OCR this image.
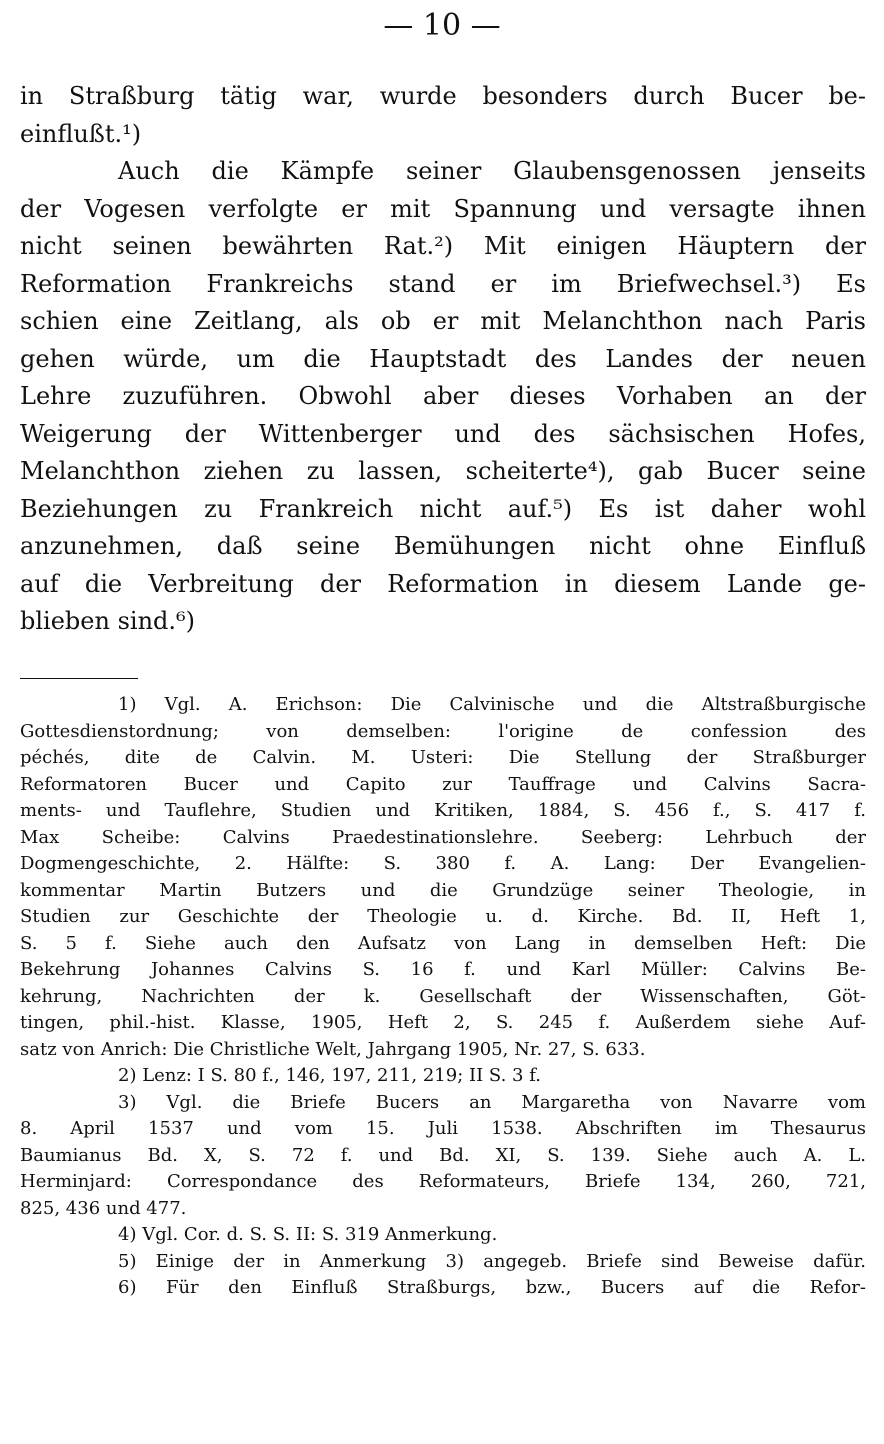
— 10 —
in Straßburg tätig war, wurde besonders durch Bucer be-
einflußt.¹)
Auch die Kämpfe seiner Glaubensgenossen jenseits
der Vogesen verfolgte er mit Spannung und versagte ihnen
nicht seinen bewährten Rat.²) Mit einigen Häuptern der
Reformation Frankreichs stand er im Briefwechsel.³) Es
schien eine Zeitlang, als ob er mit Melanchthon nach Paris
gehen würde, um die Hauptstadt des Landes der neuen
Lehre zuzuführen. Obwohl aber dieses Vorhaben an der
Weigerung der Wittenberger und des sächsischen Hofes,
Melanchthon ziehen zu lassen, scheiterte⁴), gab Bucer seine
Beziehungen zu Frankreich nicht auf.⁵) Es ist daher wohl
anzunehmen, daß seine Bemühungen nicht ohne Einfluß
auf die Verbreitung der Reformation in diesem Lande ge-
blieben sind.⁶)
1) Vgl. A. Erichson: Die Calvinische und die Altstraßburgische
Gottesdienstordnung; von demselben: l'origine de confession des
péchés, dite de Calvin. M. Usteri: Die Stellung der Straßburger
Reformatoren Bucer und Capito zur Tauffrage und Calvins Sacra-
ments- und Tauflehre, Studien und Kritiken, 1884, S. 456 f., S. 417 f.
Max Scheibe: Calvins Praedestinationslehre. Seeberg: Lehrbuch der
Dogmengeschichte, 2. Hälfte: S. 380 f. A. Lang: Der Evangelien-
kommentar Martin Butzers und die Grundzüge seiner Theologie, in
Studien zur Geschichte der Theologie u. d. Kirche. Bd. II, Heft 1,
S. 5 f. Siehe auch den Aufsatz von Lang in demselben Heft: Die
Bekehrung Johannes Calvins S. 16 f. und Karl Müller: Calvins Be-
kehrung, Nachrichten der k. Gesellschaft der Wissenschaften, Göt-
tingen, phil.-hist. Klasse, 1905, Heft 2, S. 245 f. Außerdem siehe Auf-
satz von Anrich: Die Christliche Welt, Jahrgang 1905, Nr. 27, S. 633.
2) Lenz: I S. 80 f., 146, 197, 211, 219; II S. 3 f.
3) Vgl. die Briefe Bucers an Margaretha von Navarre vom
8. April 1537 und vom 15. Juli 1538. Abschriften im Thesaurus
Baumianus Bd. X, S. 72 f. und Bd. XI, S. 139. Siehe auch A. L.
Herminjard: Correspondance des Reformateurs, Briefe 134, 260, 721,
825, 436 und 477.
4) Vgl. Cor. d. S. S. II: S. 319 Anmerkung.
5) Einige der in Anmerkung 3) angegeb. Briefe sind Beweise dafür.
6) Für den Einfluß Straßburgs, bzw., Bucers auf die Refor-
